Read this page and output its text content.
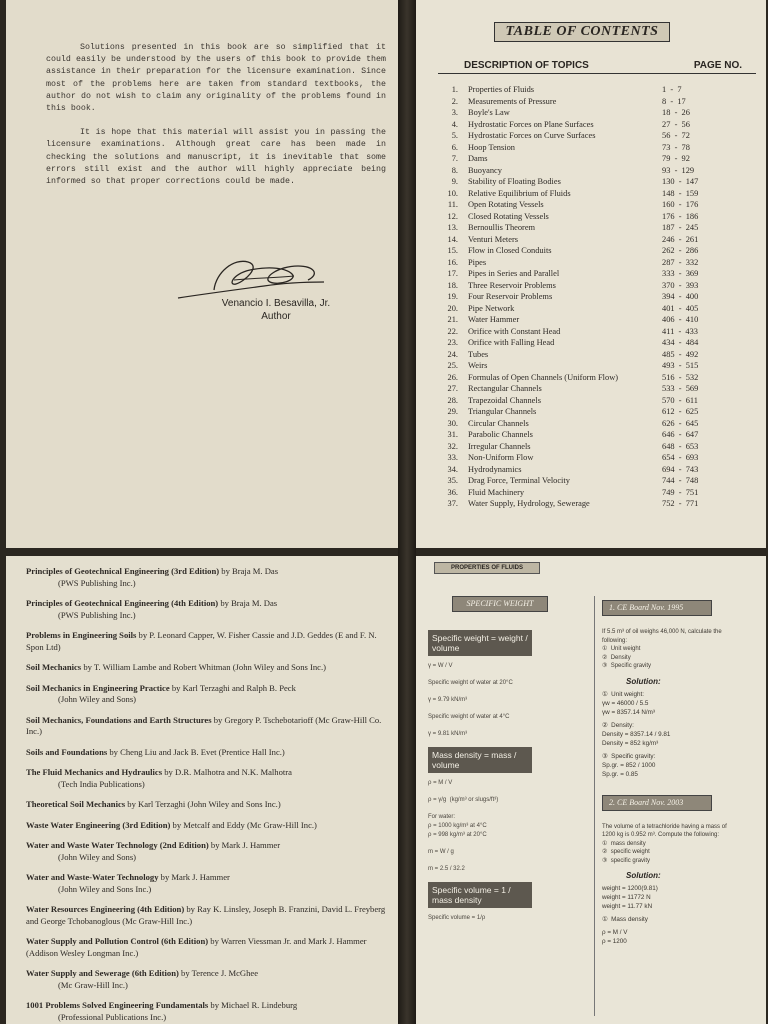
Solutions presented in this book are so simplified that it could easily be understood by the users of this book to provide them assistance in their preparation for the licensure examination. Since most of the problems here are taken from standard textbooks, the author do not wish to claim any originality of the problems found in this book.

It is hope that this material will assist you in passing the licensure examinations. Although great care has been made in checking the solutions and manuscript, it is inevitable that some errors still exist and the author will highly appreciate being informed so that proper corrections could be made.

Venancio I. Besavilla, Jr.
Author
TABLE OF CONTENTS
DESCRIPTION OF TOPICS	PAGE NO.
1. Properties of Fluids	1  -  7
2. Measurements of Pressure	8  -  17
3. Boyle's Law	18  -  26
4. Hydrostatic Forces on Plane Surfaces	27  -  56
5. Hydrostatic Forces on Curve Surfaces	56  -  72
6. Hoop Tension	73  -  78
7. Dams	79  -  92
8. Buoyancy	93  -  129
9. Stability of Floating Bodies	130  -  147
10. Relative Equilibrium of Fluids	148  -  159
11. Open Rotating Vessels	160  -  176
12. Closed Rotating Vessels	176  -  186
13. Bernoullis Theorem	187  -  245
14. Venturi Meters	246  -  261
15. Flow in Closed Conduits	262  -  286
16. Pipes	287  -  332
17. Pipes in Series and Parallel	333  -  369
18. Three Reservoir Problems	370  -  393
19. Four Reservoir Problems	394  -  400
20. Pipe Network	401  -  405
21. Water Hammer	406  -  410
22. Orifice with Constant Head	411  -  433
23. Orifice with Falling Head	434  -  484
24. Tubes	485  -  492
25. Weirs	493  -  515
26. Formulas of Open Channels (Uniform Flow)	516  -  532
27. Rectangular Channels	533  -  569
28. Trapezoidal Channels	570  -  611
29. Triangular Channels	612  -  625
30. Circular Channels	626  -  645
31. Parabolic Channels	646  -  647
32. Irregular Channels	648  -  653
33. Non-Uniform Flow	654  -  693
34. Hydrodynamics	694  -  743
35. Drag Force, Terminal Velocity	744  -  748
36. Fluid Machinery	749  -  751
37. Water Supply, Hydrology, Sewerage	752  -  771
Principles of Geotechnical Engineering (3rd Edition) by Braja M. Das
(PWS Publishing Inc.)
Principles of Geotechnical Engineering (4th Edition) by Braja M. Das
(PWS Publishing Inc.)
Problems in Engineering Soils by P. Leonard Capper, W. Fisher Cassie and J.D. Geddes (E and F. N. Spon Ltd)
Soil Mechanics by T. William Lambe and Robert Whitman (John Wiley and Sons Inc.)
Soil Mechanics in Engineering Practice by Karl Terzaghi and Ralph B. Peck
(John Wiley and Sons)
Soil Mechanics, Foundations and Earth Structures by Gregory P. Tschebotarioff (Mc Graw-Hill Co. Inc.)
Soils and Foundations by Cheng Liu and Jack B. Evet (Prentice Hall Inc.)
The Fluid Mechanics and Hydraulics by D.R. Malhotra and N.K. Malhotra
(Tech India Publications)
Theoretical Soil Mechanics by Karl Terzaghi (John Wiley and Sons Inc.)
Waste Water Engineering (3rd Edition) by Metcalf and Eddy (Mc Graw-Hill Inc.)
Water and Waste Water Technology (2nd Edition) by Mark J. Hammer
(John Wiley and Sons)
Water and Waste-Water Technology by Mark J. Hammer
(John Wiley and Sons Inc.)
Water Resources Engineering (4th Edition) by Ray K. Linsley, Joseph B. Franzini, David L. Freyberg and George Tchobanoglous (Mc Graw-Hill Inc.)
Water Supply and Pollution Control (6th Edition) by Warren Viessman Jr. and Mark J. Hammer (Addison Wesley Longman Inc.)
Water Supply and Sewerage (6th Edition) by Terence J. McGhee
(Mc Graw-Hill Inc.)
1001 Problems Solved Engineering Fundamentals by Michael R. Lindeburg
(Professional Publications Inc.)
PROPERTIES OF FLUIDS
SPECIFIC WEIGHT
Specific weight = weight / volume
γ = W / V
Specific weight of water at 20°C
γ = 9.79 kN/m³
Specific weight of water at 4°C
γ = 9.81 kN/m³
Mass density = mass / volume
ρ = M / V
ρ = γ/g  (kg/m³ or slugs/ft³)
For water:
ρ = 1000 kg/m³ at 4°C
ρ = 998 kg/m³ at 20°C
m = W / g
m = 2.5 / 32.2
Specific volume = 1 / mass density
Specific volume = 1/ρ
1. CE Board Nov. 1995
If 5.5 m³ of oil weighs 46,000 N, calculate the
following:
①  Unit weight
②  Density
③  Specific gravity
Solution:
①  Unit weight:
γw = 46000 / 5.5
γw = 8357.14 N/m³
②  Density:
Density = 8357.14 / 9.81
Density = 852 kg/m³
③  Specific gravity:
Sp.gr. = 852 / 1000
Sp.gr. = 0.85
2. CE Board Nov. 2003
The volume of a tetrachloride having a mass of
1200 kg is 0.952 m³. Compute the following:
①  mass density
②  specific weight
③  specific gravity
Solution:
weight = 1200(9.81)
weight = 11772 N
weight = 11.77 kN
①  Mass density
ρ = M / V
ρ = 1200
